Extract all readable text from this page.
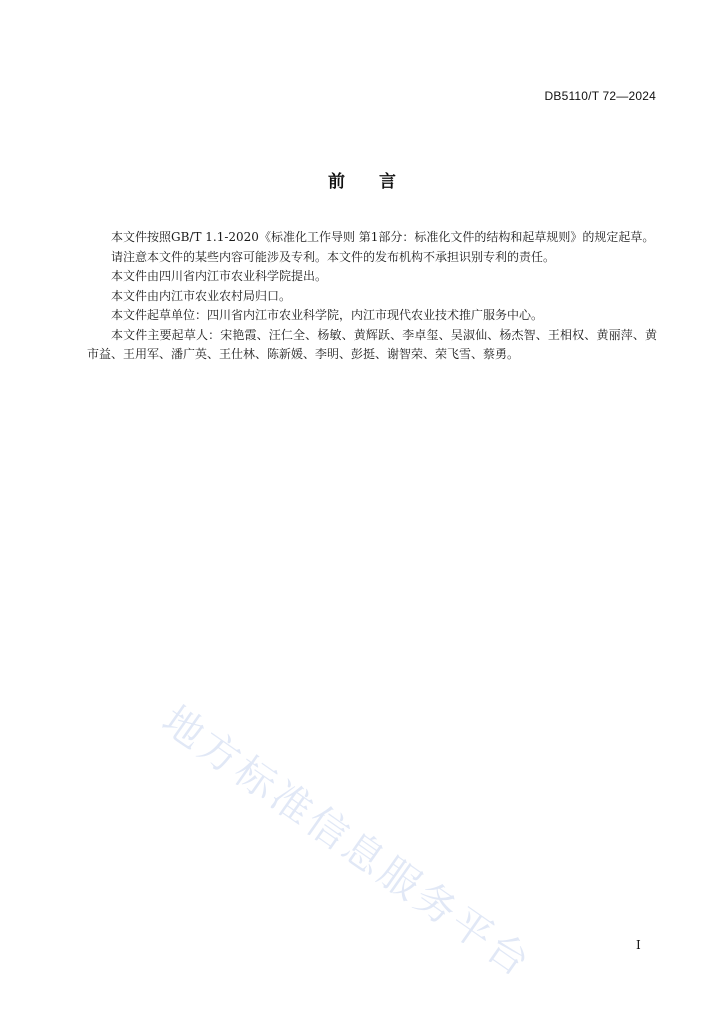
DB5110/T 72—2024
前言

本文件按照GB/T 1.1-2020《标准化工作导则 第1部分：标准化文件的结构和起草规则》的规定起草。

请注意本文件的某些内容可能涉及专利。本文件的发布机构不承担识别专利的责任。

本文件由四川省内江市农业科学院提出。

本文件由内江市农业农村局归口。

本文件起草单位：四川省内江市农业科学院，内江市现代农业技术推广服务中心。

本文件主要起草人：宋艳霞、汪仁全、杨敏、黄辉跃、李卓玺、吴淑仙、杨杰智、王相权、黄丽萍、黄市益、王用军、潘广英、王仕林、陈新媛、李明、彭挺、谢智荣、荣飞雪、蔡勇。

地方标准信息服务平台	I
